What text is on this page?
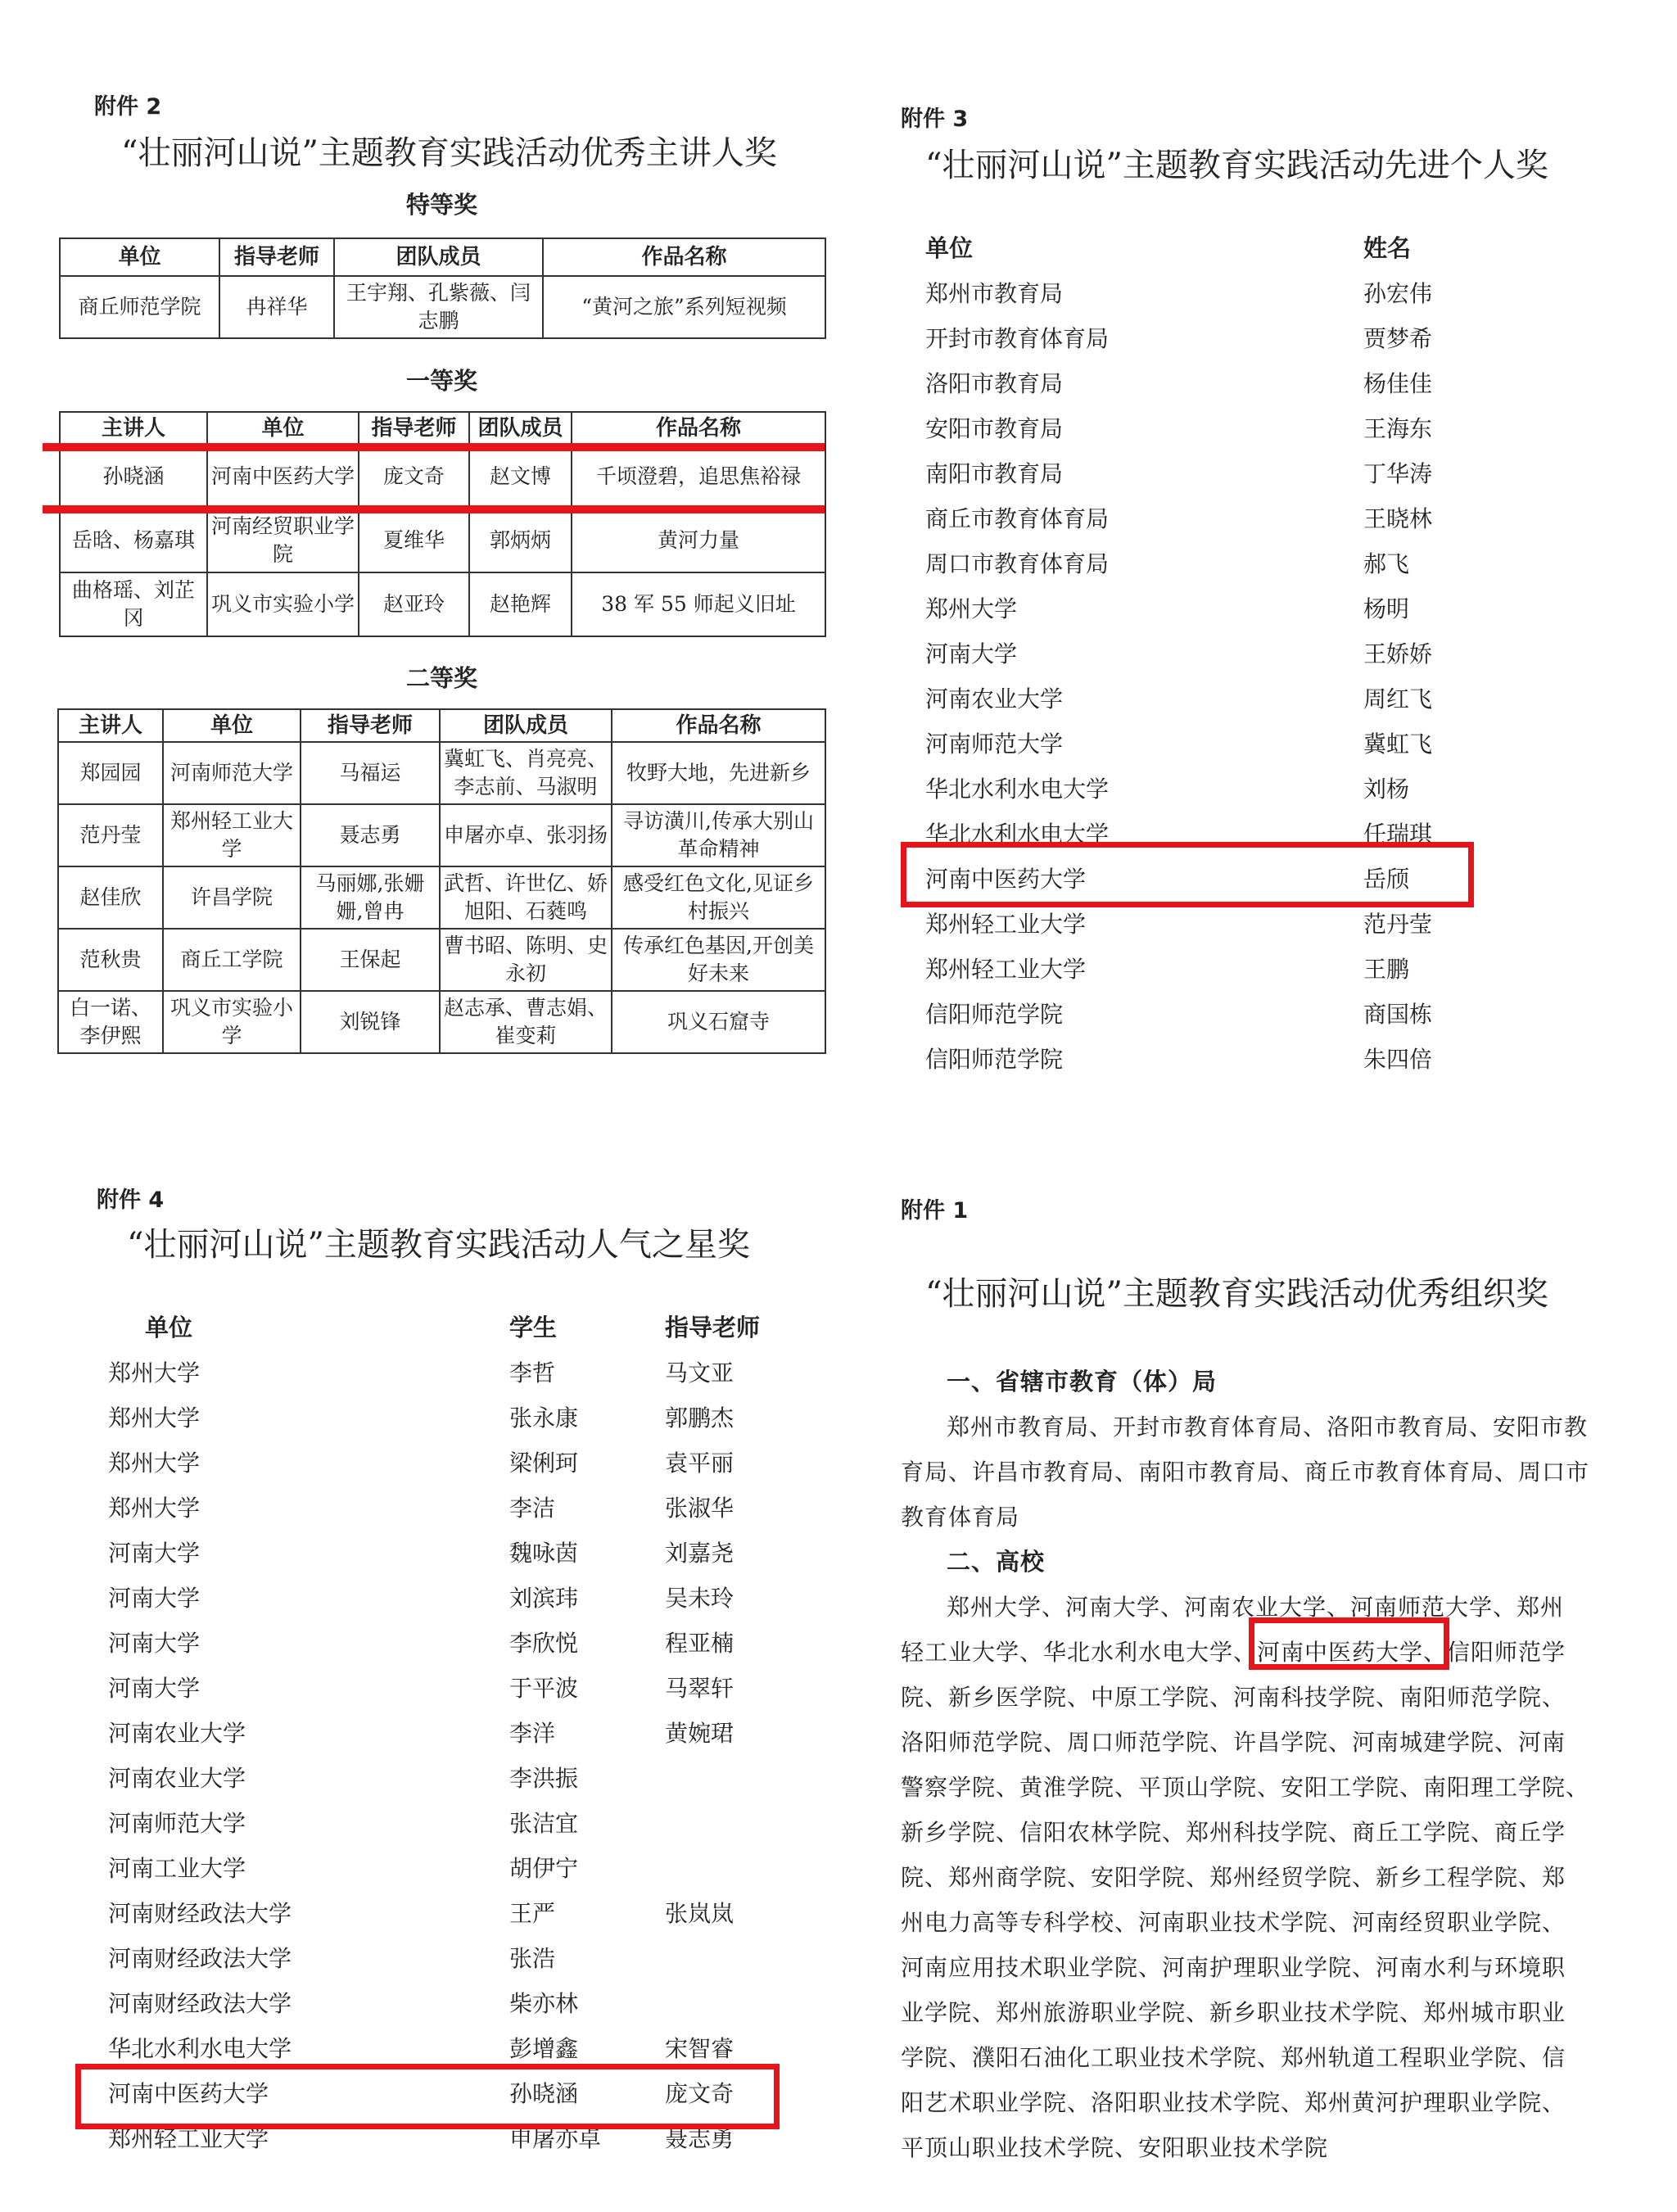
附件 2
“壮丽河山说”主题教育实践活动优秀主讲人奖
特等奖
单位	指导老师	团队成员	作品名称
商丘师范学院	冉祥华	王宇翔、孔紫薇、闫志鹏	“黄河之旅”系列短视频
一等奖
主讲人	单位	指导老师	团队成员	作品名称
孙晓涵	河南中医药大学	庞文奇	赵文博	千顷澄碧，追思焦裕禄
岳晗、杨嘉琪	河南经贸职业学院	夏维华	郭炳炳	黄河力量
曲格瑶、刘芷冈	巩义市实验小学	赵亚玲	赵艳辉	38 军 55 师起义旧址
二等奖
主讲人	单位	指导老师	团队成员	作品名称
郑园园	河南师范大学	马福运	冀虹飞、肖亮亮、李志前、马淑明	牧野大地，先进新乡
范丹莹	郑州轻工业大学	聂志勇	申屠亦卓、张羽扬	寻访潢川,传承大别山革命精神
赵佳欣	许昌学院	马丽娜,张姗姗,曾冉	武哲、许世亿、娇旭阳、石蕤鸣	感受红色文化,见证乡村振兴
范秋贵	商丘工学院	王保起	曹书昭、陈明、史永初	传承红色基因,开创美好未来
白一诺、李伊熙	巩义市实验小学	刘锐锋	赵志承、曹志娟、崔变莉	巩义石窟寺
附件 3
“壮丽河山说”主题教育实践活动先进个人奖
单位	姓名
郑州市教育局	孙宏伟
开封市教育体育局	贾梦希
洛阳市教育局	杨佳佳
安阳市教育局	王海东
南阳市教育局	丁华涛
商丘市教育体育局	王晓林
周口市教育体育局	郝飞
郑州大学	杨明
河南大学	王娇娇
河南农业大学	周红飞
河南师范大学	冀虹飞
华北水利水电大学	刘杨
华北水利水电大学	任瑞琪
河南中医药大学	岳颀
郑州轻工业大学	范丹莹
郑州轻工业大学	王鹏
信阳师范学院	商国栋
信阳师范学院	朱四倍
附件 4
“壮丽河山说”主题教育实践活动人气之星奖
单位	学生	指导老师
郑州大学	李哲	马文亚
郑州大学	张永康	郭鹏杰
郑州大学	梁俐珂	袁平丽
郑州大学	李洁	张淑华
河南大学	魏咏茵	刘嘉尧
河南大学	刘滨玮	吴未玲
河南大学	李欣悦	程亚楠
河南大学	于平波	马翠轩
河南农业大学	李洋	黄婉珺
河南农业大学	李洪振
河南师范大学	张洁宜
河南工业大学	胡伊宁
河南财经政法大学	王严	张岚岚
河南财经政法大学	张浩
河南财经政法大学	柴亦林
华北水利水电大学	彭增鑫	宋智睿
河南中医药大学	孙晓涵	庞文奇
郑州轻工业大学	申屠亦卓	聂志勇
附件 1
“壮丽河山说”主题教育实践活动优秀组织奖
一、省辖市教育（体）局

郑州市教育局、开封市教育体育局、洛阳市教育局、安阳市教育局、许昌市教育局、南阳市教育局、商丘市教育体育局、周口市教育体育局

二、高校
郑州大学、河南大学、河南农业大学、河南师范大学、郑州
轻工业大学、华北水利水电大学、河南中医药大学、信阳师范学
院、新乡医学院、中原工学院、河南科技学院、南阳师范学院、
洛阳师范学院、周口师范学院、许昌学院、河南城建学院、河南
警察学院、黄淮学院、平顶山学院、安阳工学院、南阳理工学院、
新乡学院、信阳农林学院、郑州科技学院、商丘工学院、商丘学
院、郑州商学院、安阳学院、郑州经贸学院、新乡工程学院、郑
州电力高等专科学校、河南职业技术学院、河南经贸职业学院、
河南应用技术职业学院、河南护理职业学院、河南水利与环境职
业学院、郑州旅游职业学院、新乡职业技术学院、郑州城市职业
学院、濮阳石油化工职业技术学院、郑州轨道工程职业学院、信
阳艺术职业学院、洛阳职业技术学院、郑州黄河护理职业学院、
平顶山职业技术学院、安阳职业技术学院
